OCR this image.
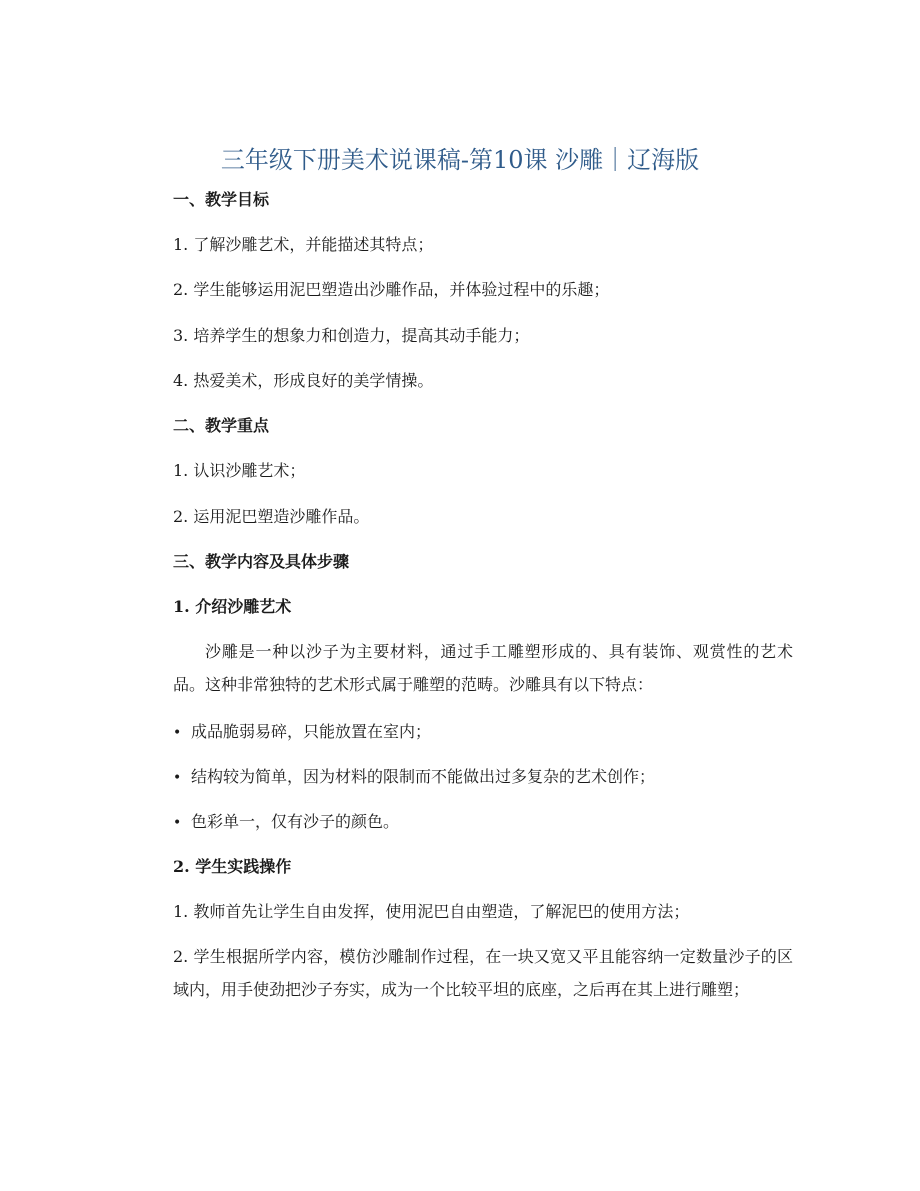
三年级下册美术说课稿-第10课 沙雕｜辽海版
一、教学目标
1. 了解沙雕艺术，并能描述其特点；
2. 学生能够运用泥巴塑造出沙雕作品，并体验过程中的乐趣；
3. 培养学生的想象力和创造力，提高其动手能力；
4. 热爱美术，形成良好的美学情操。
二、教学重点
1. 认识沙雕艺术；
2. 运用泥巴塑造沙雕作品。
三、教学内容及具体步骤
1. 介绍沙雕艺术
沙雕是一种以沙子为主要材料，通过手工雕塑形成的、具有装饰、观赏性的艺术品。这种非常独特的艺术形式属于雕塑的范畴。沙雕具有以下特点：
• 成品脆弱易碎，只能放置在室内；
• 结构较为简单，因为材料的限制而不能做出过多复杂的艺术创作；
• 色彩单一，仅有沙子的颜色。
2. 学生实践操作
1. 教师首先让学生自由发挥，使用泥巴自由塑造，了解泥巴的使用方法；
2. 学生根据所学内容，模仿沙雕制作过程，在一块又宽又平且能容纳一定数量沙子的区域内，用手使劲把沙子夯实，成为一个比较平坦的底座，之后再在其上进行雕塑；
